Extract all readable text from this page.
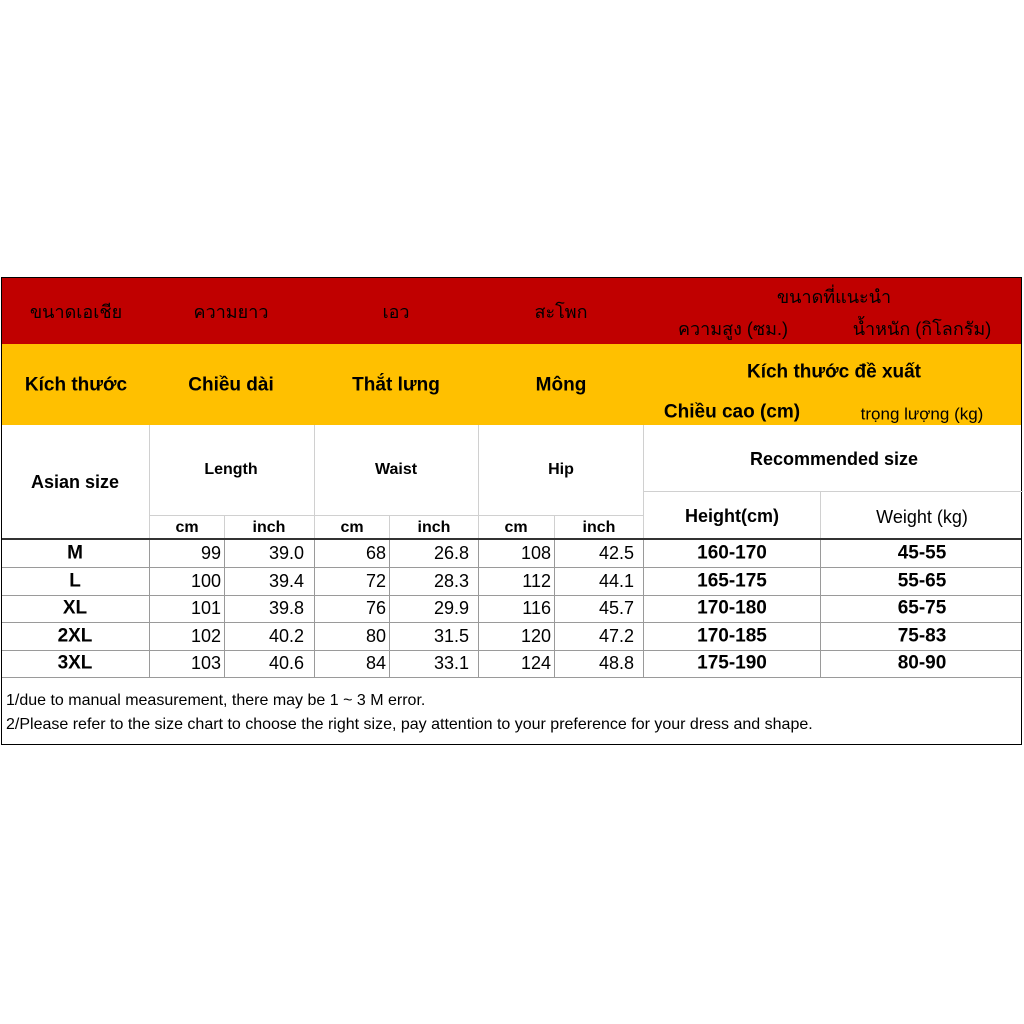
ขนาดเอเชีย	ความยาว	เอว	สะโพก
ขนาดที่แนะนำ
ความสูง (ซม.)	น้ำหนัก (กิโลกรัม)
Kích thước	Chiều dài	Thắt lưng	Mông
Kích thước đề xuất
Chiều cao (cm)	trọng lượng (kg)
Asian size
Length	Waist	Hip
Recommended size
Height(cm)	Weight (kg)
cm	inch	cm	inch	cm	inch
M	99	39.0	68	26.8	108	42.5	160-170	45-55
L	100	39.4	72	28.3	112	44.1	165-175	55-65
XL	101	39.8	76	29.9	116	45.7	170-180	65-75
2XL	102	40.2	80	31.5	120	47.2	170-185	75-83
3XL	103	40.6	84	33.1	124	48.8	175-190	80-90
1/due to manual measurement, there may be 1 ~ 3 M error.
2/Please refer to the size chart to choose the right size, pay attention to your preference for your dress and shape.
